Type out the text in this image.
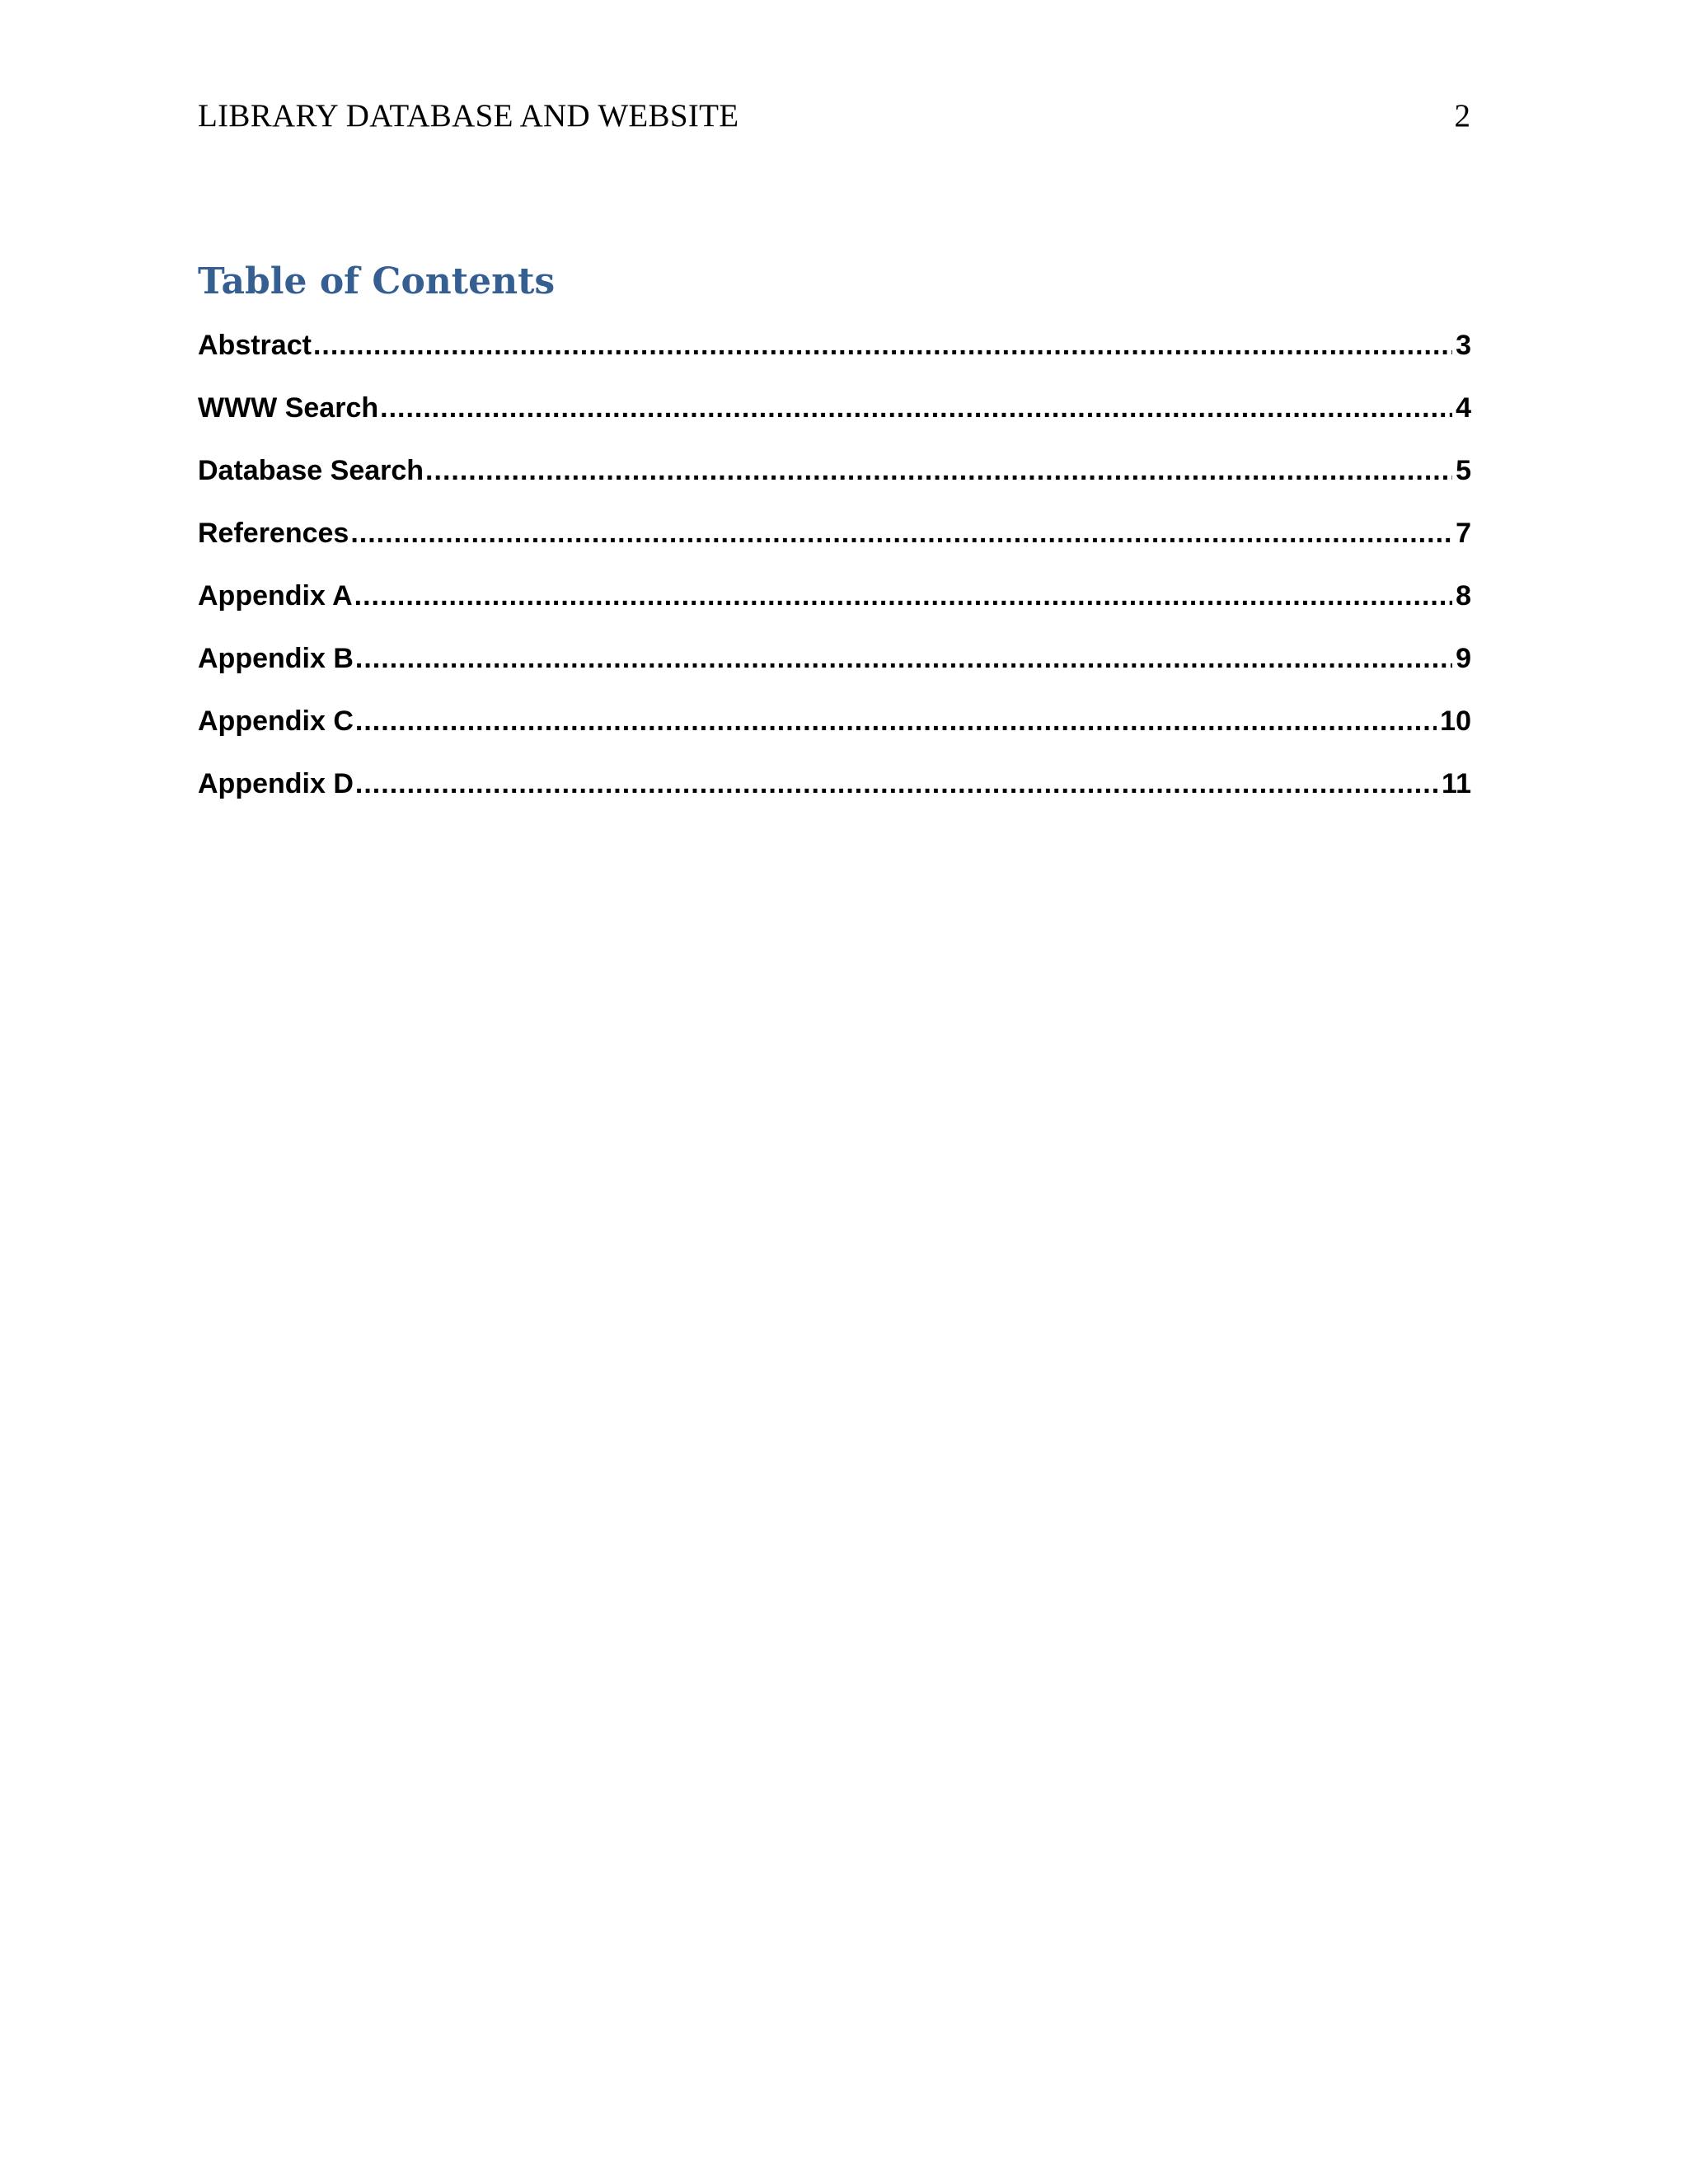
LIBRARY DATABASE AND WEBSITE	2
Table of Contents
Abstract .....	3
WWW Search .....	4
Database Search .....	5
References .....	7
Appendix A .....	8
Appendix B .....	9
Appendix C .....	10
Appendix D .....	11
